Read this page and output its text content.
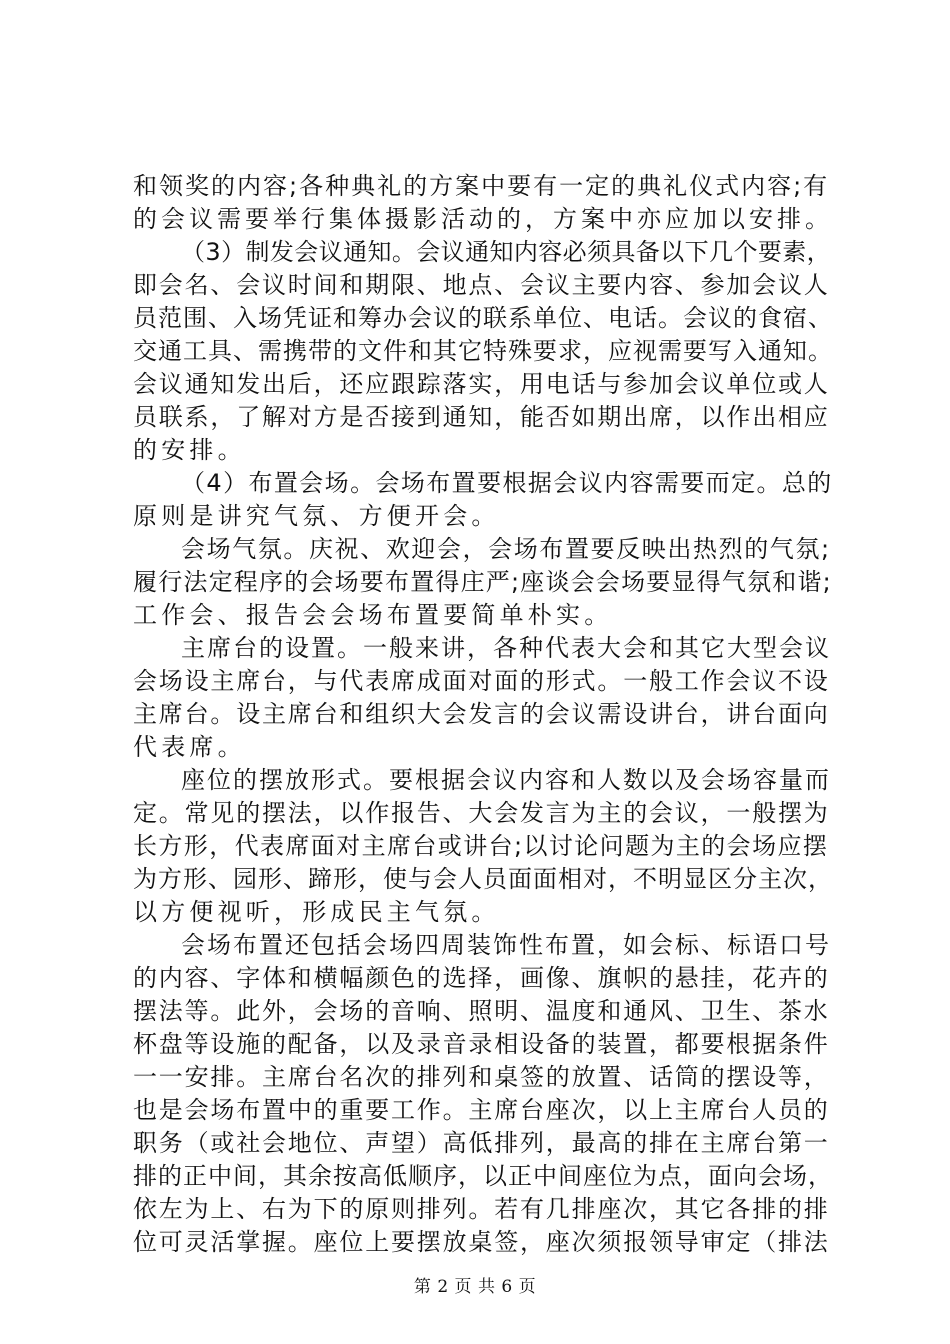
和领奖的内容;各种典礼的方案中要有一定的典礼仪式内容;有
的会议需要举行集体摄影活动的，方案中亦应加以安排。
（3）制发会议通知。会议通知内容必须具备以下几个要素，
即会名、会议时间和期限、地点、会议主要内容、参加会议人
员范围、入场凭证和筹办会议的联系单位、电话。会议的食宿、
交通工具、需携带的文件和其它特殊要求，应视需要写入通知。
会议通知发出后，还应跟踪落实，用电话与参加会议单位或人
员联系，了解对方是否接到通知，能否如期出席，以作出相应
的安排。
（4）布置会场。会场布置要根据会议内容需要而定。总的
原则是讲究气氛、方便开会。
会场气氛。庆祝、欢迎会，会场布置要反映出热烈的气氛;
履行法定程序的会场要布置得庄严;座谈会会场要显得气氛和谐;
工作会、报告会会场布置要简单朴实。
主席台的设置。一般来讲，各种代表大会和其它大型会议
会场设主席台，与代表席成面对面的形式。一般工作会议不设
主席台。设主席台和组织大会发言的会议需设讲台，讲台面向
代表席。
座位的摆放形式。要根据会议内容和人数以及会场容量而
定。常见的摆法，以作报告、大会发言为主的会议，一般摆为
长方形，代表席面对主席台或讲台;以讨论问题为主的会场应摆
为方形、园形、蹄形，使与会人员面面相对，不明显区分主次，
以方便视听，形成民主气氛。
会场布置还包括会场四周装饰性布置，如会标、标语口号
的内容、字体和横幅颜色的选择，画像、旗帜的悬挂，花卉的
摆法等。此外，会场的音响、照明、温度和通风、卫生、茶水
杯盘等设施的配备，以及录音录相设备的装置，都要根据条件
一一安排。主席台名次的排列和桌签的放置、话筒的摆设等，
也是会场布置中的重要工作。主席台座次，以上主席台人员的
职务（或社会地位、声望）高低排列，最高的排在主席台第一
排的正中间，其余按高低顺序，以正中间座位为点，面向会场，
依左为上、右为下的原则排列。若有几排座次，其它各排的排
位可灵活掌握。座位上要摆放桌签，座次须报领导审定（排法
第 2 页 共 6 页
